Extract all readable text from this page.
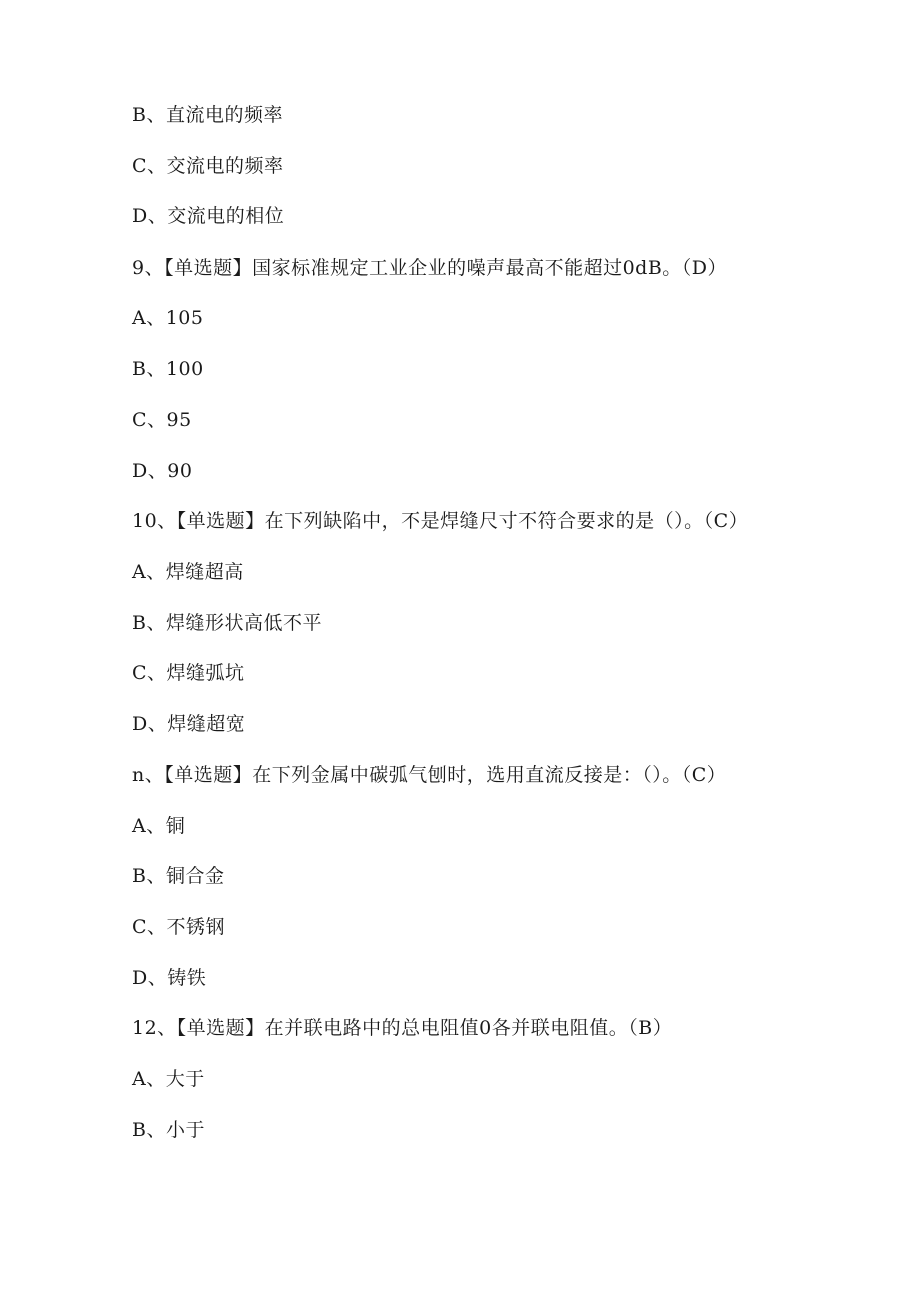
B、直流电的频率
C、交流电的频率
D、交流电的相位
9、【单选题】国家标准规定工业企业的噪声最高不能超过0dB。（D）
A、105
B、100
C、95
D、90
10、【单选题】在下列缺陷中，不是焊缝尺寸不符合要求的是（）。（C）
A、焊缝超高
B、焊缝形状高低不平
C、焊缝弧坑
D、焊缝超宽
n、【单选题】在下列金属中碳弧气刨时，选用直流反接是：（）。（C）
A、铜
B、铜合金
C、不锈钢
D、铸铁
12、【单选题】在并联电路中的总电阻值0各并联电阻值。（B）
A、大于
B、小于
